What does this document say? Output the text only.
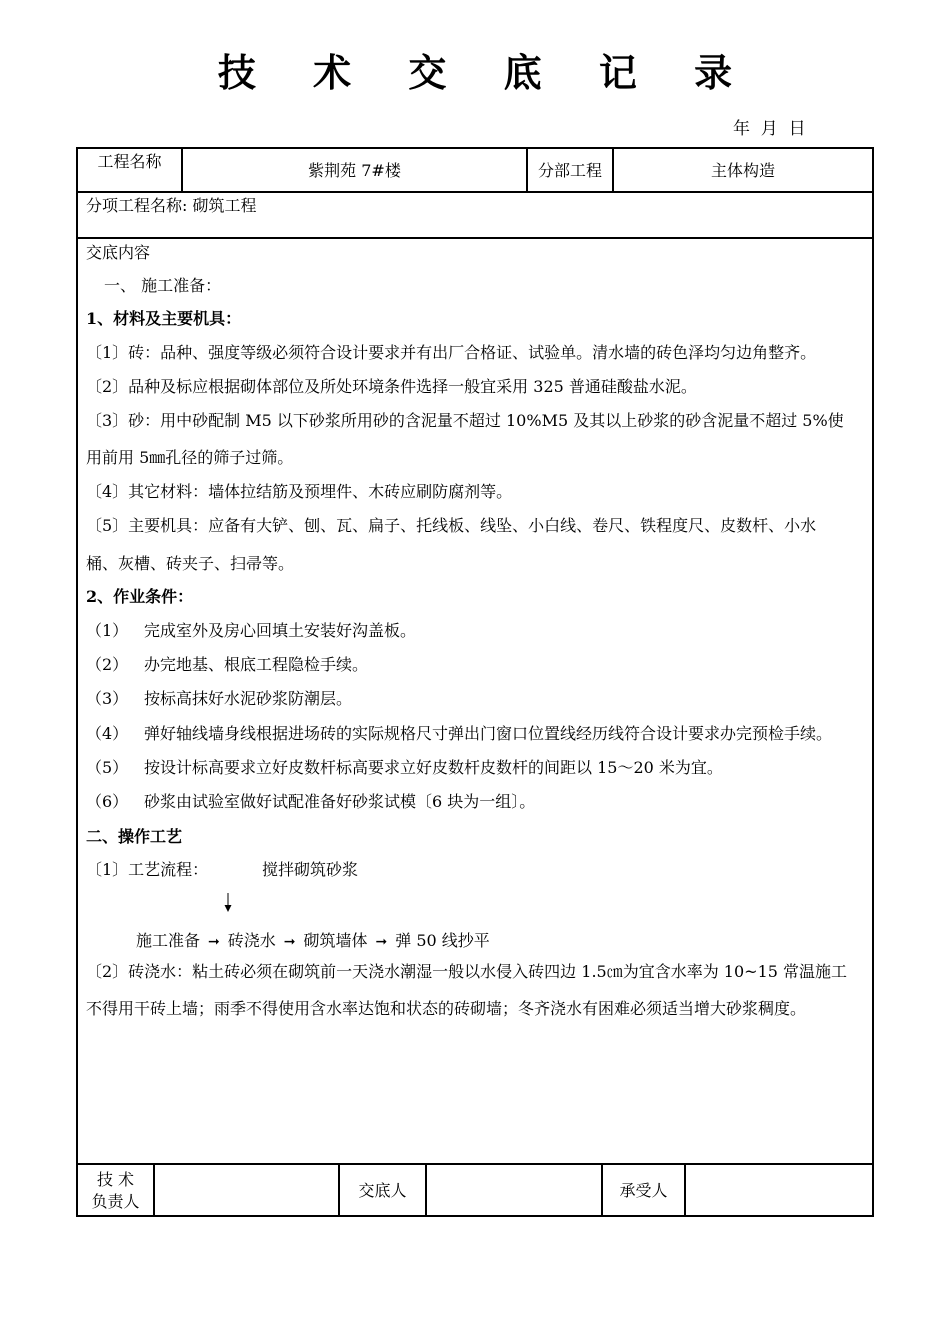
技 术 交 底 记 录
年  月  日
工程名称	紫荆苑 7#楼	分部工程	主体构造
分项工程名称: 砌筑工程
交底内容
一、 施工准备：
1、材料及主要机具：
〔1〕砖：品种、强度等级必须符合设计要求并有出厂合格证、试验单。清水墙的砖色泽均匀边角整齐。
〔2〕品种及标应根据砌体部位及所处环境条件选择一般宜采用 325 普通硅酸盐水泥。
〔3〕砂：用中砂配制 M5 以下砂浆所用砂的含泥量不超过 10%M5 及其以上砂浆的砂含泥量不超过 5%使
用前用 5㎜孔径的筛子过筛。
〔4〕其它材料：墙体拉结筋及预埋件、木砖应刷防腐剂等。
〔5〕主要机具：应备有大铲、刨、瓦、扁子、托线板、线坠、小白线、卷尺、铁程度尺、皮数杆、小水
桶、灰槽、砖夹子、扫帚等。
2、作业条件：
（1） 完成室外及房心回填土安装好沟盖板。
（2） 办完地基、根底工程隐检手续。
（3） 按标高抹好水泥砂浆防潮层。
（4） 弹好轴线墙身线根据进场砖的实际规格尺寸弹出门窗口位置线经历线符合设计要求办完预检手续。
（5） 按设计标高要求立好皮数杆标高要求立好皮数杆皮数杆的间距以 15～20 米为宜。
（6） 砂浆由试验室做好试配准备好砂浆试模〔6 块为一组〕。
二、操作工艺
〔1〕工艺流程：	搅拌砌筑砂浆
施工准备 ➞ 砖浇水 ➞ 砌筑墙体 ➞ 弹 50 线抄平
〔2〕砖浇水：粘土砖必须在砌筑前一天浇水潮湿一般以水侵入砖四边 1.5㎝为宜含水率为 10~15 常温施工
不得用干砖上墙；雨季不得使用含水率达饱和状态的砖砌墙；冬齐浇水有困难必须适当增大砂浆稠度。
技 术
负责人
交底人	承受人
